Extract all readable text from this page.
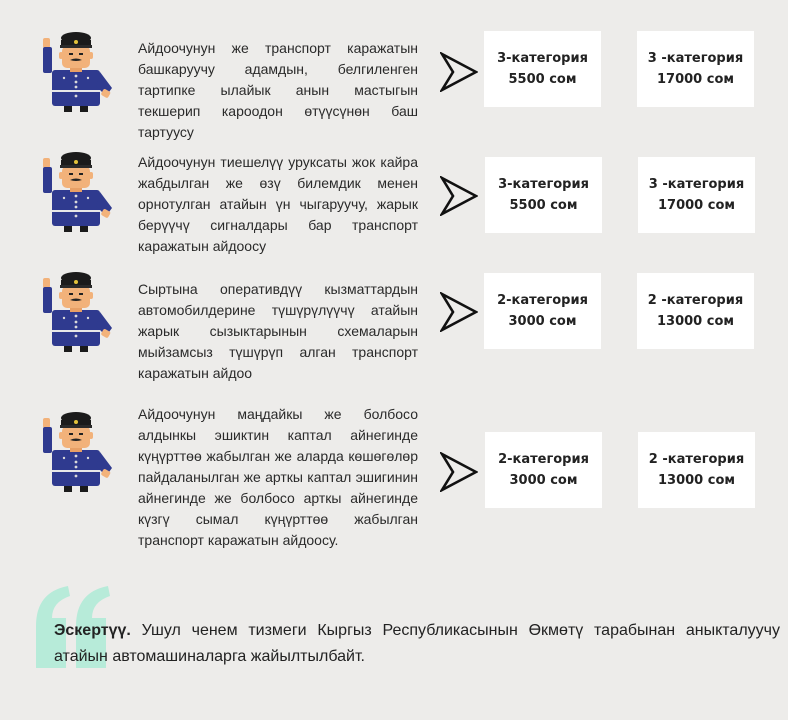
Айдоочунун же транспорт каражатын башкаруучу адамдын, белгиленген тартипке ылайык анын мастыгын текшерип кароодон өтүүсүнөн баш тартуусу

3-категория
5500 сом
3 -категория
17000 сом

Айдоочунун тиешелүү уруксаты жок кайра жабдылган же өзү билемдик менен орнотулган атайын үн чыгаруучу, жарык берүүчү сигналдары бар транспорт каражатын айдоосу

3-категория
5500 сом
3 -категория
17000 сом

Сыртына оперативдүү кызматтардын автомобилдерине түшүрүлүүчү атайын жарык сызыктарынын схемаларын мыйзамсыз түшүрүп алган транспорт каражатын айдоо

2-категория
3000 сом
2 -категория
13000 сом

Айдоочунун маңдайкы же болбосо алдынкы эшиктин каптал айнегинде күңүрттөө жабылган же аларда көшөгөлөр пайдаланылган же арткы каптал эшигинин айнегинде же болбосо арткы айнегинде күзгү сымал күңүрттөө жабылган транспорт каражатын айдоосу.

2-категория
3000 сом
2 -категория
13000 сом

Эскертүү. Ушул ченем тизмеги Кыргыз Республикасынын Өкмөтү тарабынан аныкталуучу атайын автомашиналарга жайылтылбайт.
